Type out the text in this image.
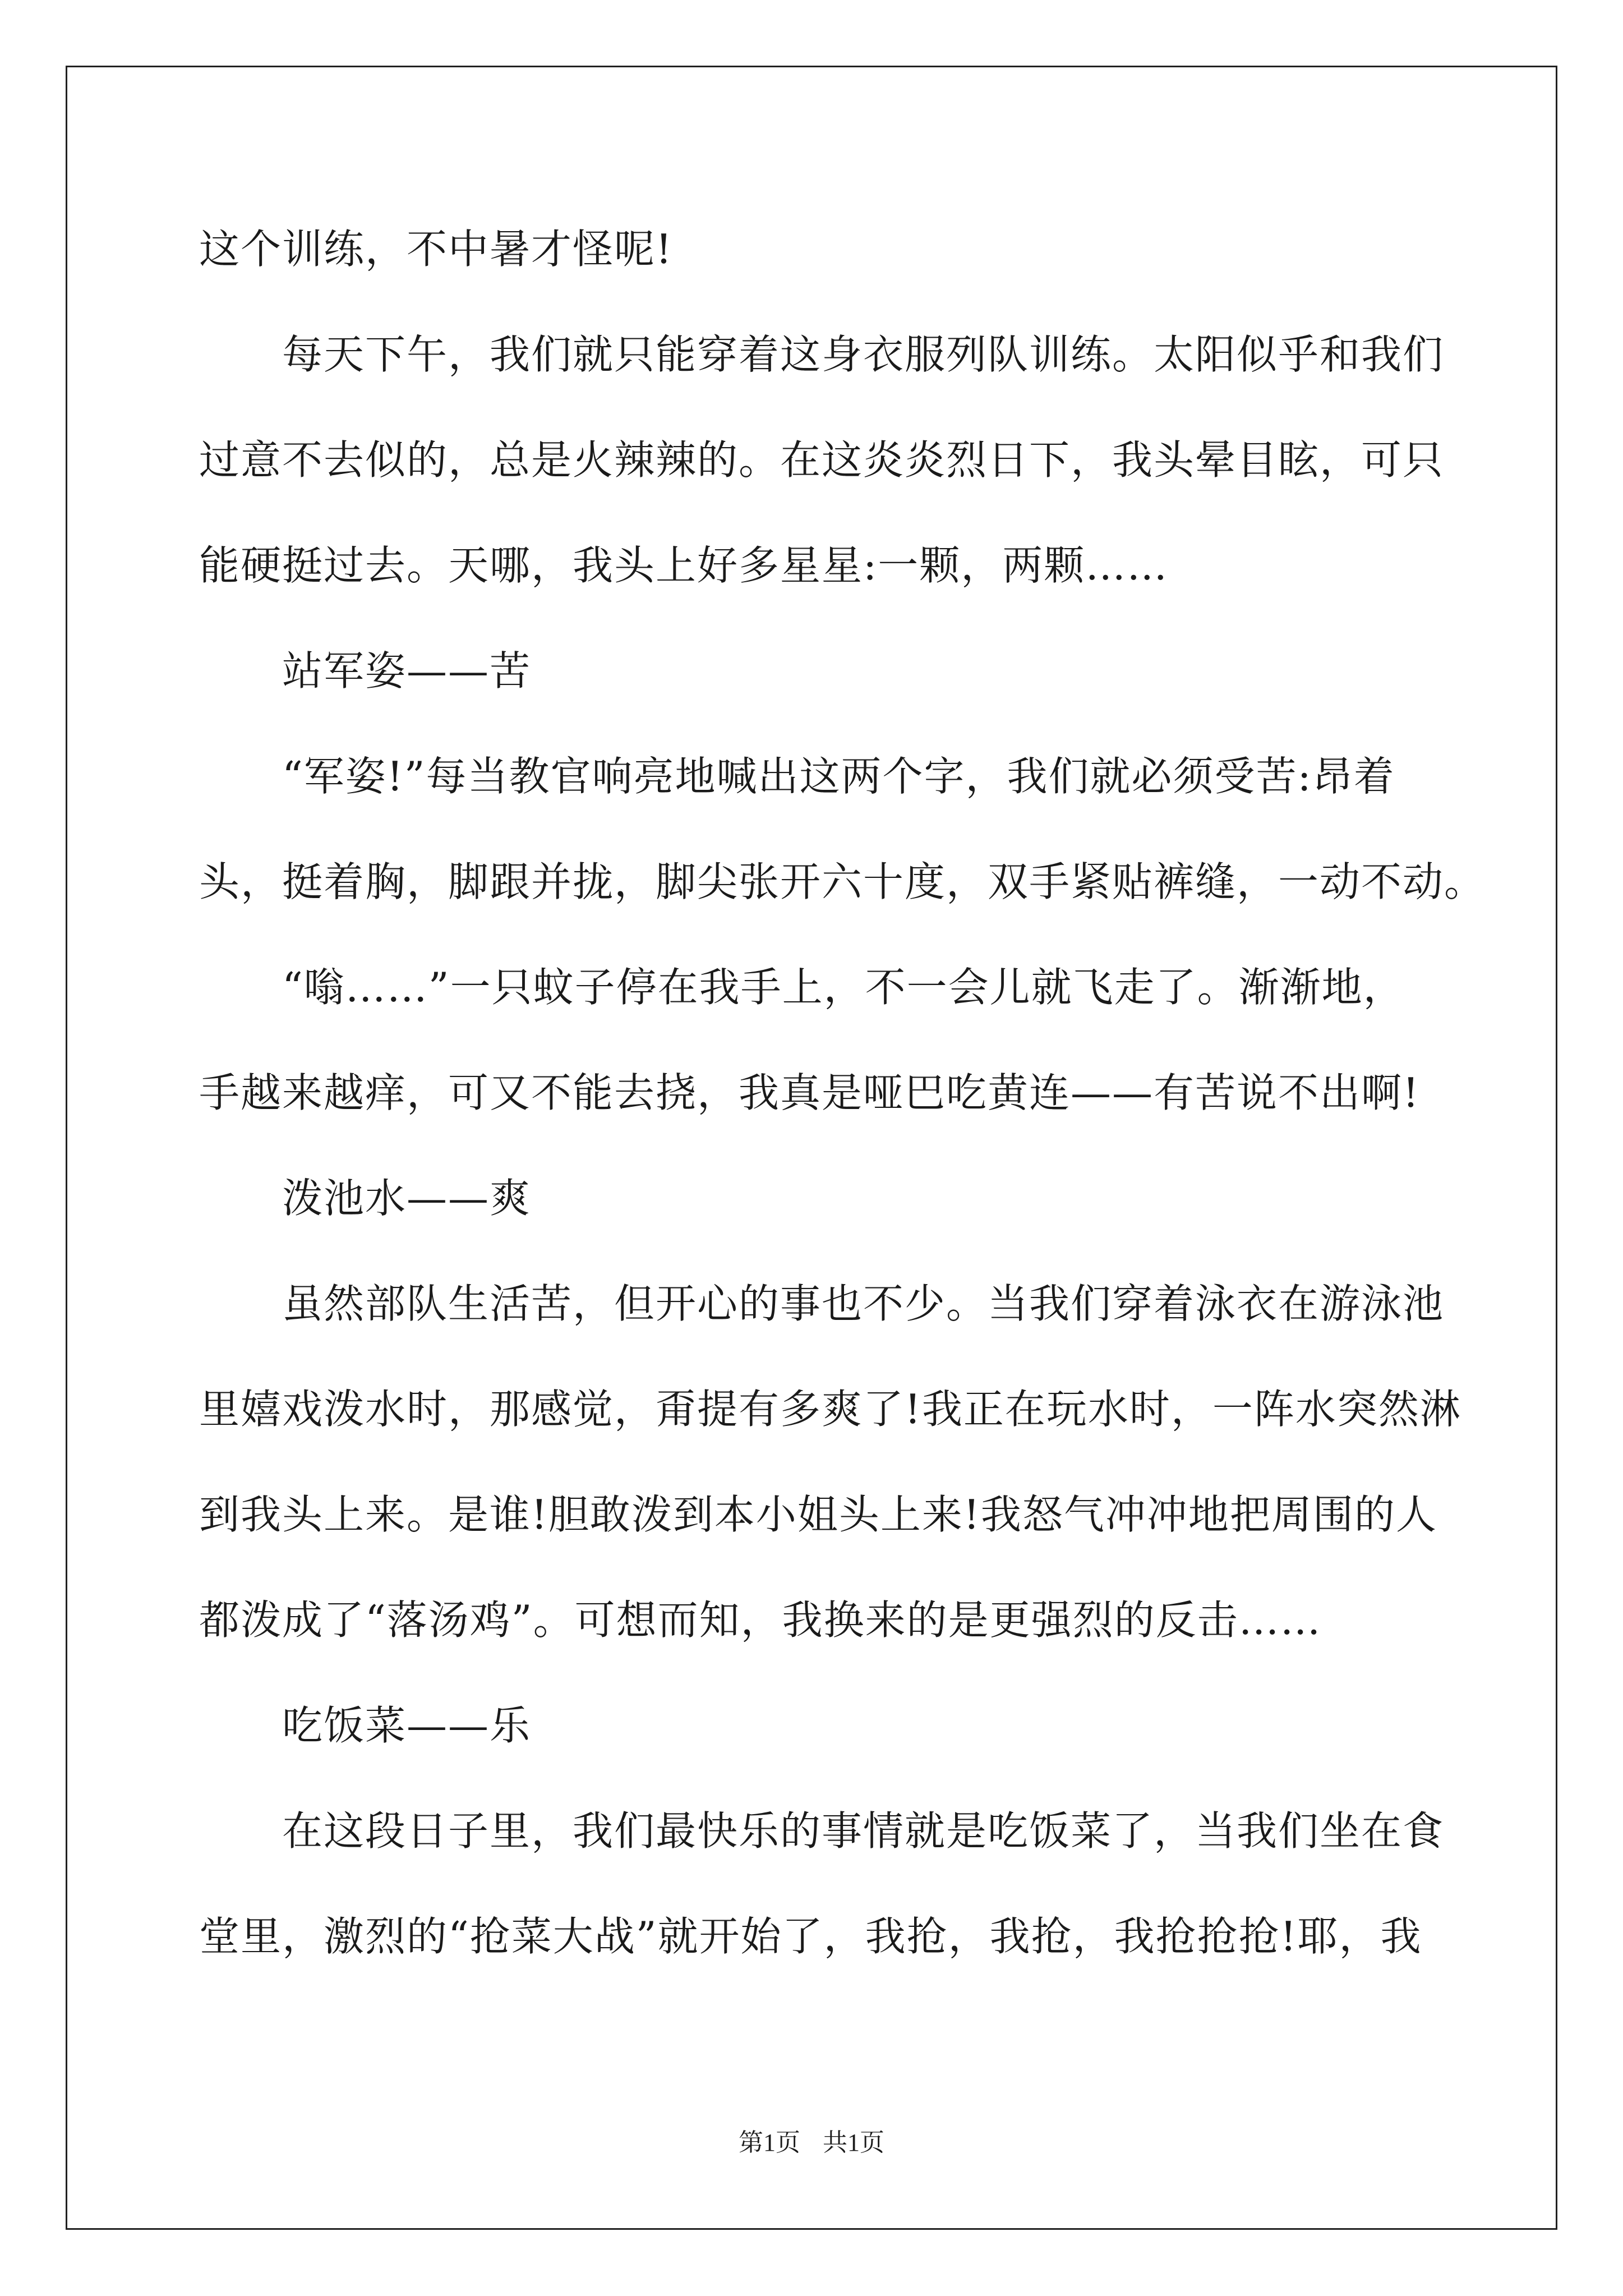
这个训练，不中暑才怪呢!
每天下午，我们就只能穿着这身衣服列队训练。太阳似乎和我们
过意不去似的，总是火辣辣的。在这炎炎烈日下，我头晕目眩，可只
能硬挺过去。天哪，我头上好多星星:一颗，两颗……
站军姿——苦
“军姿!”每当教官响亮地喊出这两个字，我们就必须受苦:昂着
头，挺着胸，脚跟并拢，脚尖张开六十度，双手紧贴裤缝，一动不动。
“嗡……”一只蚊子停在我手上，不一会儿就飞走了。渐渐地，
手越来越痒，可又不能去挠，我真是哑巴吃黄连——有苦说不出啊!
泼池水——爽
虽然部队生活苦，但开心的事也不少。当我们穿着泳衣在游泳池
里嬉戏泼水时，那感觉，甭提有多爽了!我正在玩水时，一阵水突然淋
到我头上来。是谁!胆敢泼到本小姐头上来!我怒气冲冲地把周围的人
都泼成了“落汤鸡”。可想而知，我换来的是更强烈的反击……
吃饭菜——乐
在这段日子里，我们最快乐的事情就是吃饭菜了，当我们坐在食
堂里，激烈的“抢菜大战”就开始了，我抢，我抢，我抢抢抢!耶，我
第1页 共1页
